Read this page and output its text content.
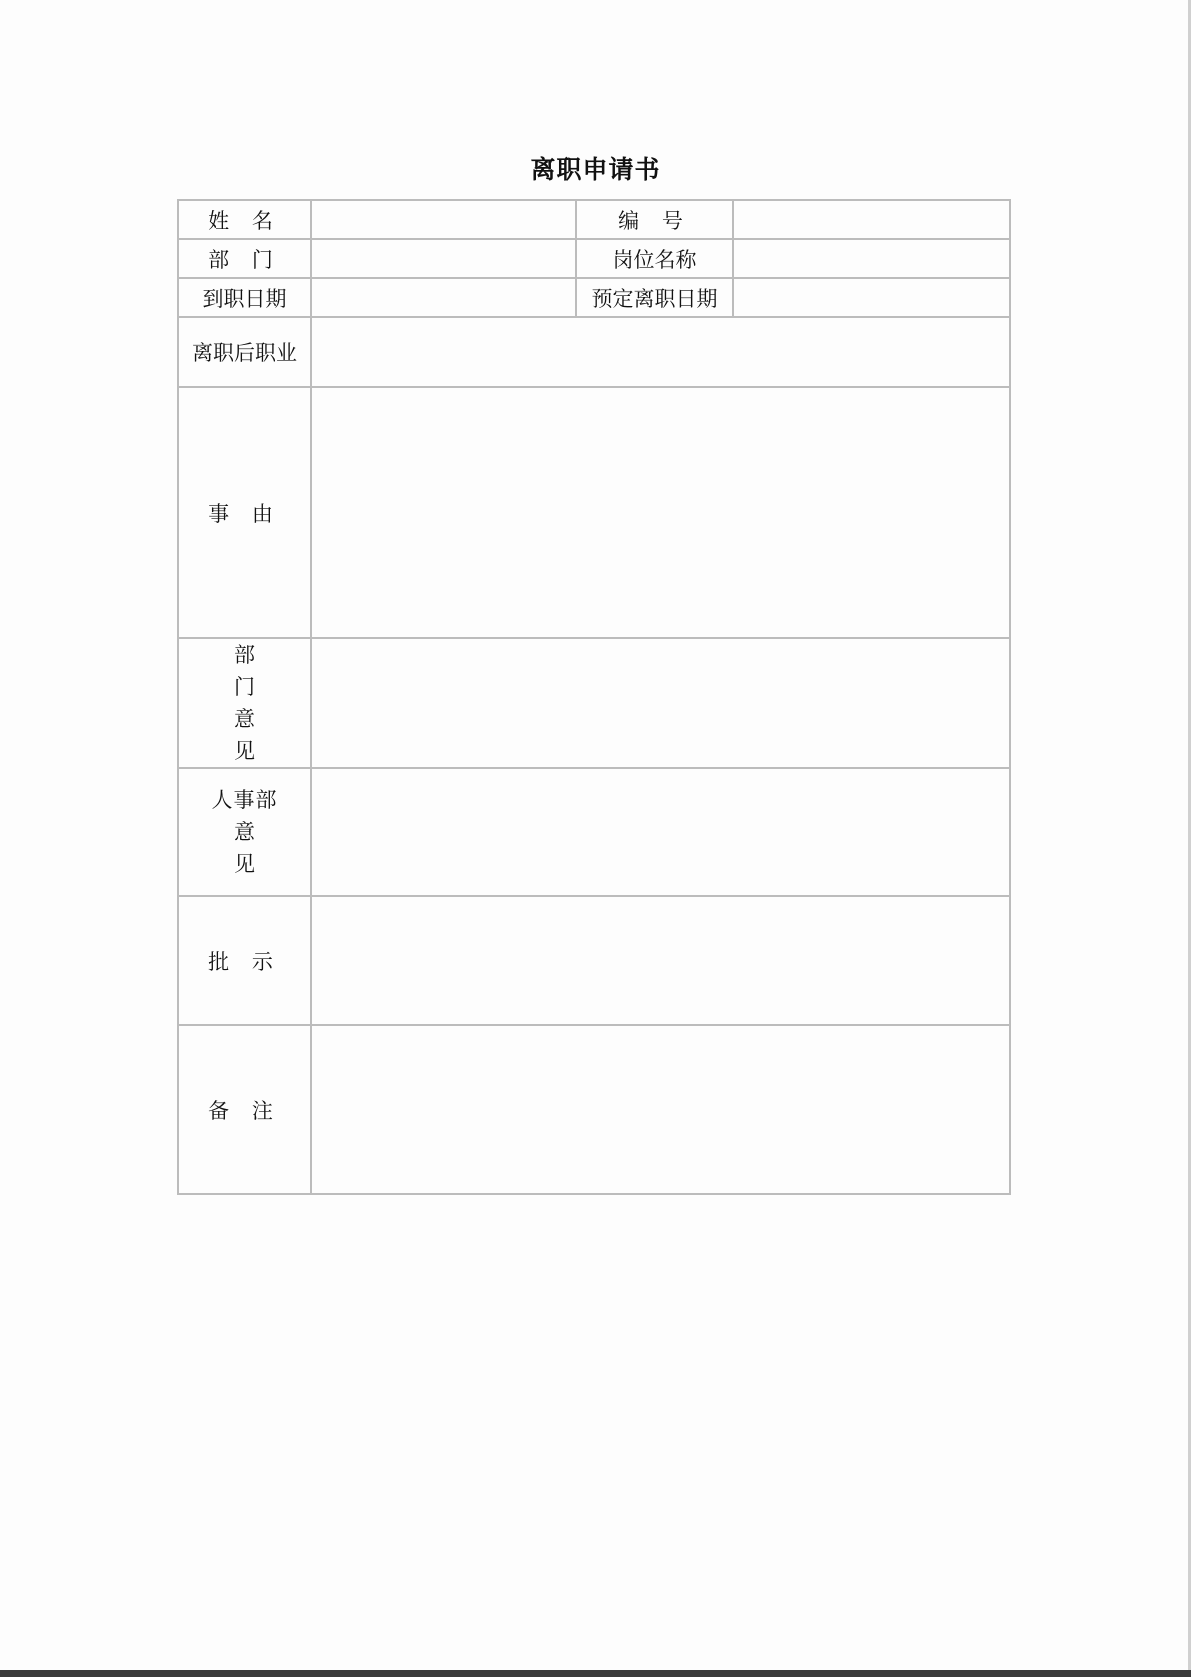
离职申请书
姓 名		编 号	
部 门		岗位名称	
到职日期		预定离职日期	
离职后职业			
事 由			

部 门
意 见			

人事部
意 见			

批 示			
备 注			
